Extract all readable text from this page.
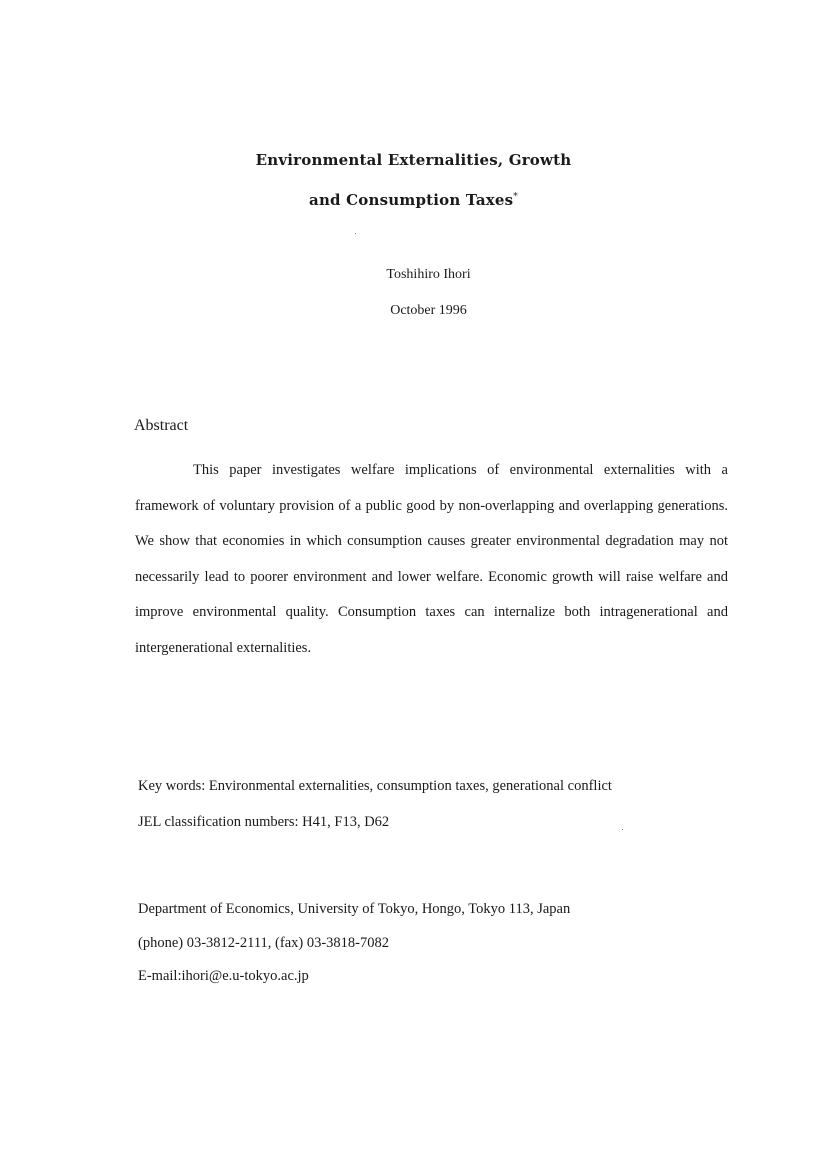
Environmental Externalities, Growth
and Consumption Taxes*
Toshihiro Ihori
October 1996
Abstract

This paper investigates welfare implications of environmental externalities with a framework of voluntary provision of a public good by non-overlapping and overlapping generations. We show that economies in which consumption causes greater environmental degradation may not necessarily lead to poorer environment and lower welfare. Economic growth will raise welfare and improve environmental quality. Consumption taxes can internalize both intragenerational and intergenerational externalities.

Key words: Environmental externalities, consumption taxes, generational conflict
JEL classification numbers: H41, F13, D62
Department of Economics, University of Tokyo, Hongo, Tokyo 113, Japan
(phone) 03-3812-2111, (fax) 03-3818-7082
E-mail:ihori@e.u-tokyo.ac.jp
